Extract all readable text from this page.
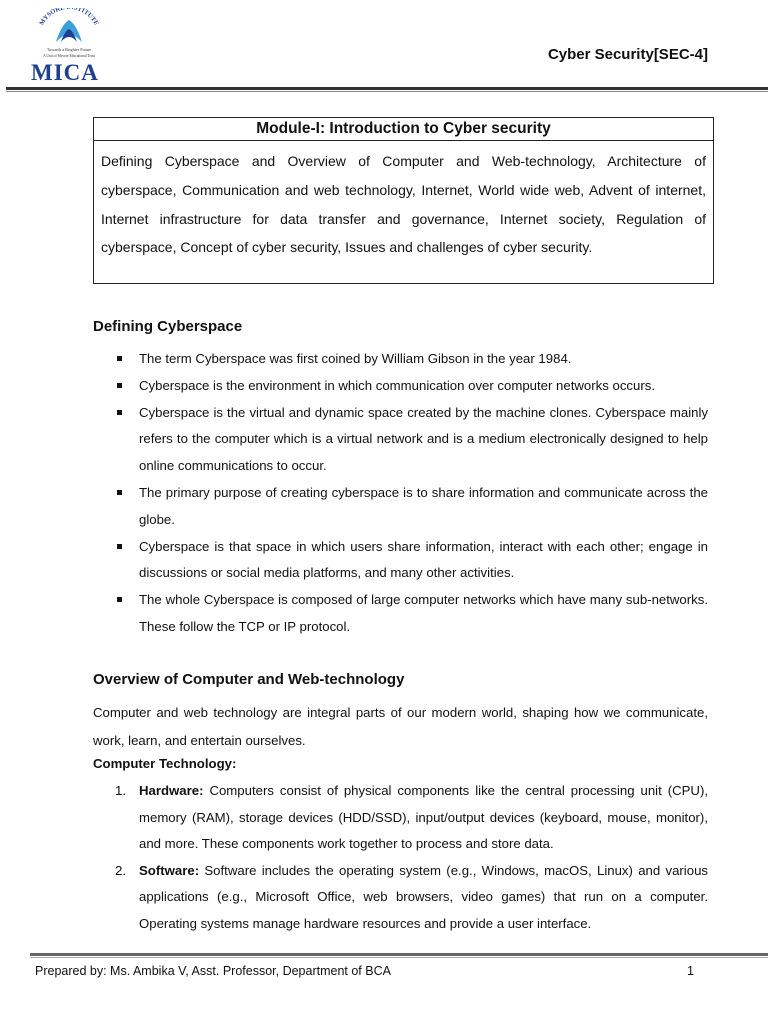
MYSORE STITUTE
Towards a Brighter Future
A Unit of Mysore Educational Trust
MICA
Cyber Security[SEC-4]
Module-I: Introduction to Cyber security
Defining Cyberspace and Overview of Computer and Web-technology, Architecture of cyberspace, Communication and web technology, Internet, World wide web, Advent of internet, Internet infrastructure for data transfer and governance, Internet society, Regulation of cyberspace, Concept of cyber security, Issues and challenges of cyber security.
Defining Cyberspace
The term Cyberspace was first coined by William Gibson in the year 1984.
Cyberspace is the environment in which communication over computer networks occurs.
Cyberspace is the virtual and dynamic space created by the machine clones. Cyberspace mainly refers to the computer which is a virtual network and is a medium electronically designed to help online communications to occur.
The primary purpose of creating cyberspace is to share information and communicate across the globe.
Cyberspace is that space in which users share information, interact with each other; engage in discussions or social media platforms, and many other activities.
The whole Cyberspace is composed of large computer networks which have many sub-networks. These follow the TCP or IP protocol.
Overview of Computer and Web-technology
Computer and web technology are integral parts of our modern world, shaping how we communicate, work, learn, and entertain ourselves.
Computer Technology:
1. Hardware: Computers consist of physical components like the central processing unit (CPU), memory (RAM), storage devices (HDD/SSD), input/output devices (keyboard, mouse, monitor), and more. These components work together to process and store data.
2. Software: Software includes the operating system (e.g., Windows, macOS, Linux) and various applications (e.g., Microsoft Office, web browsers, video games) that run on a computer. Operating systems manage hardware resources and provide a user interface.
Prepared by: Ms. Ambika V, Asst. Professor, Department of BCA	1
